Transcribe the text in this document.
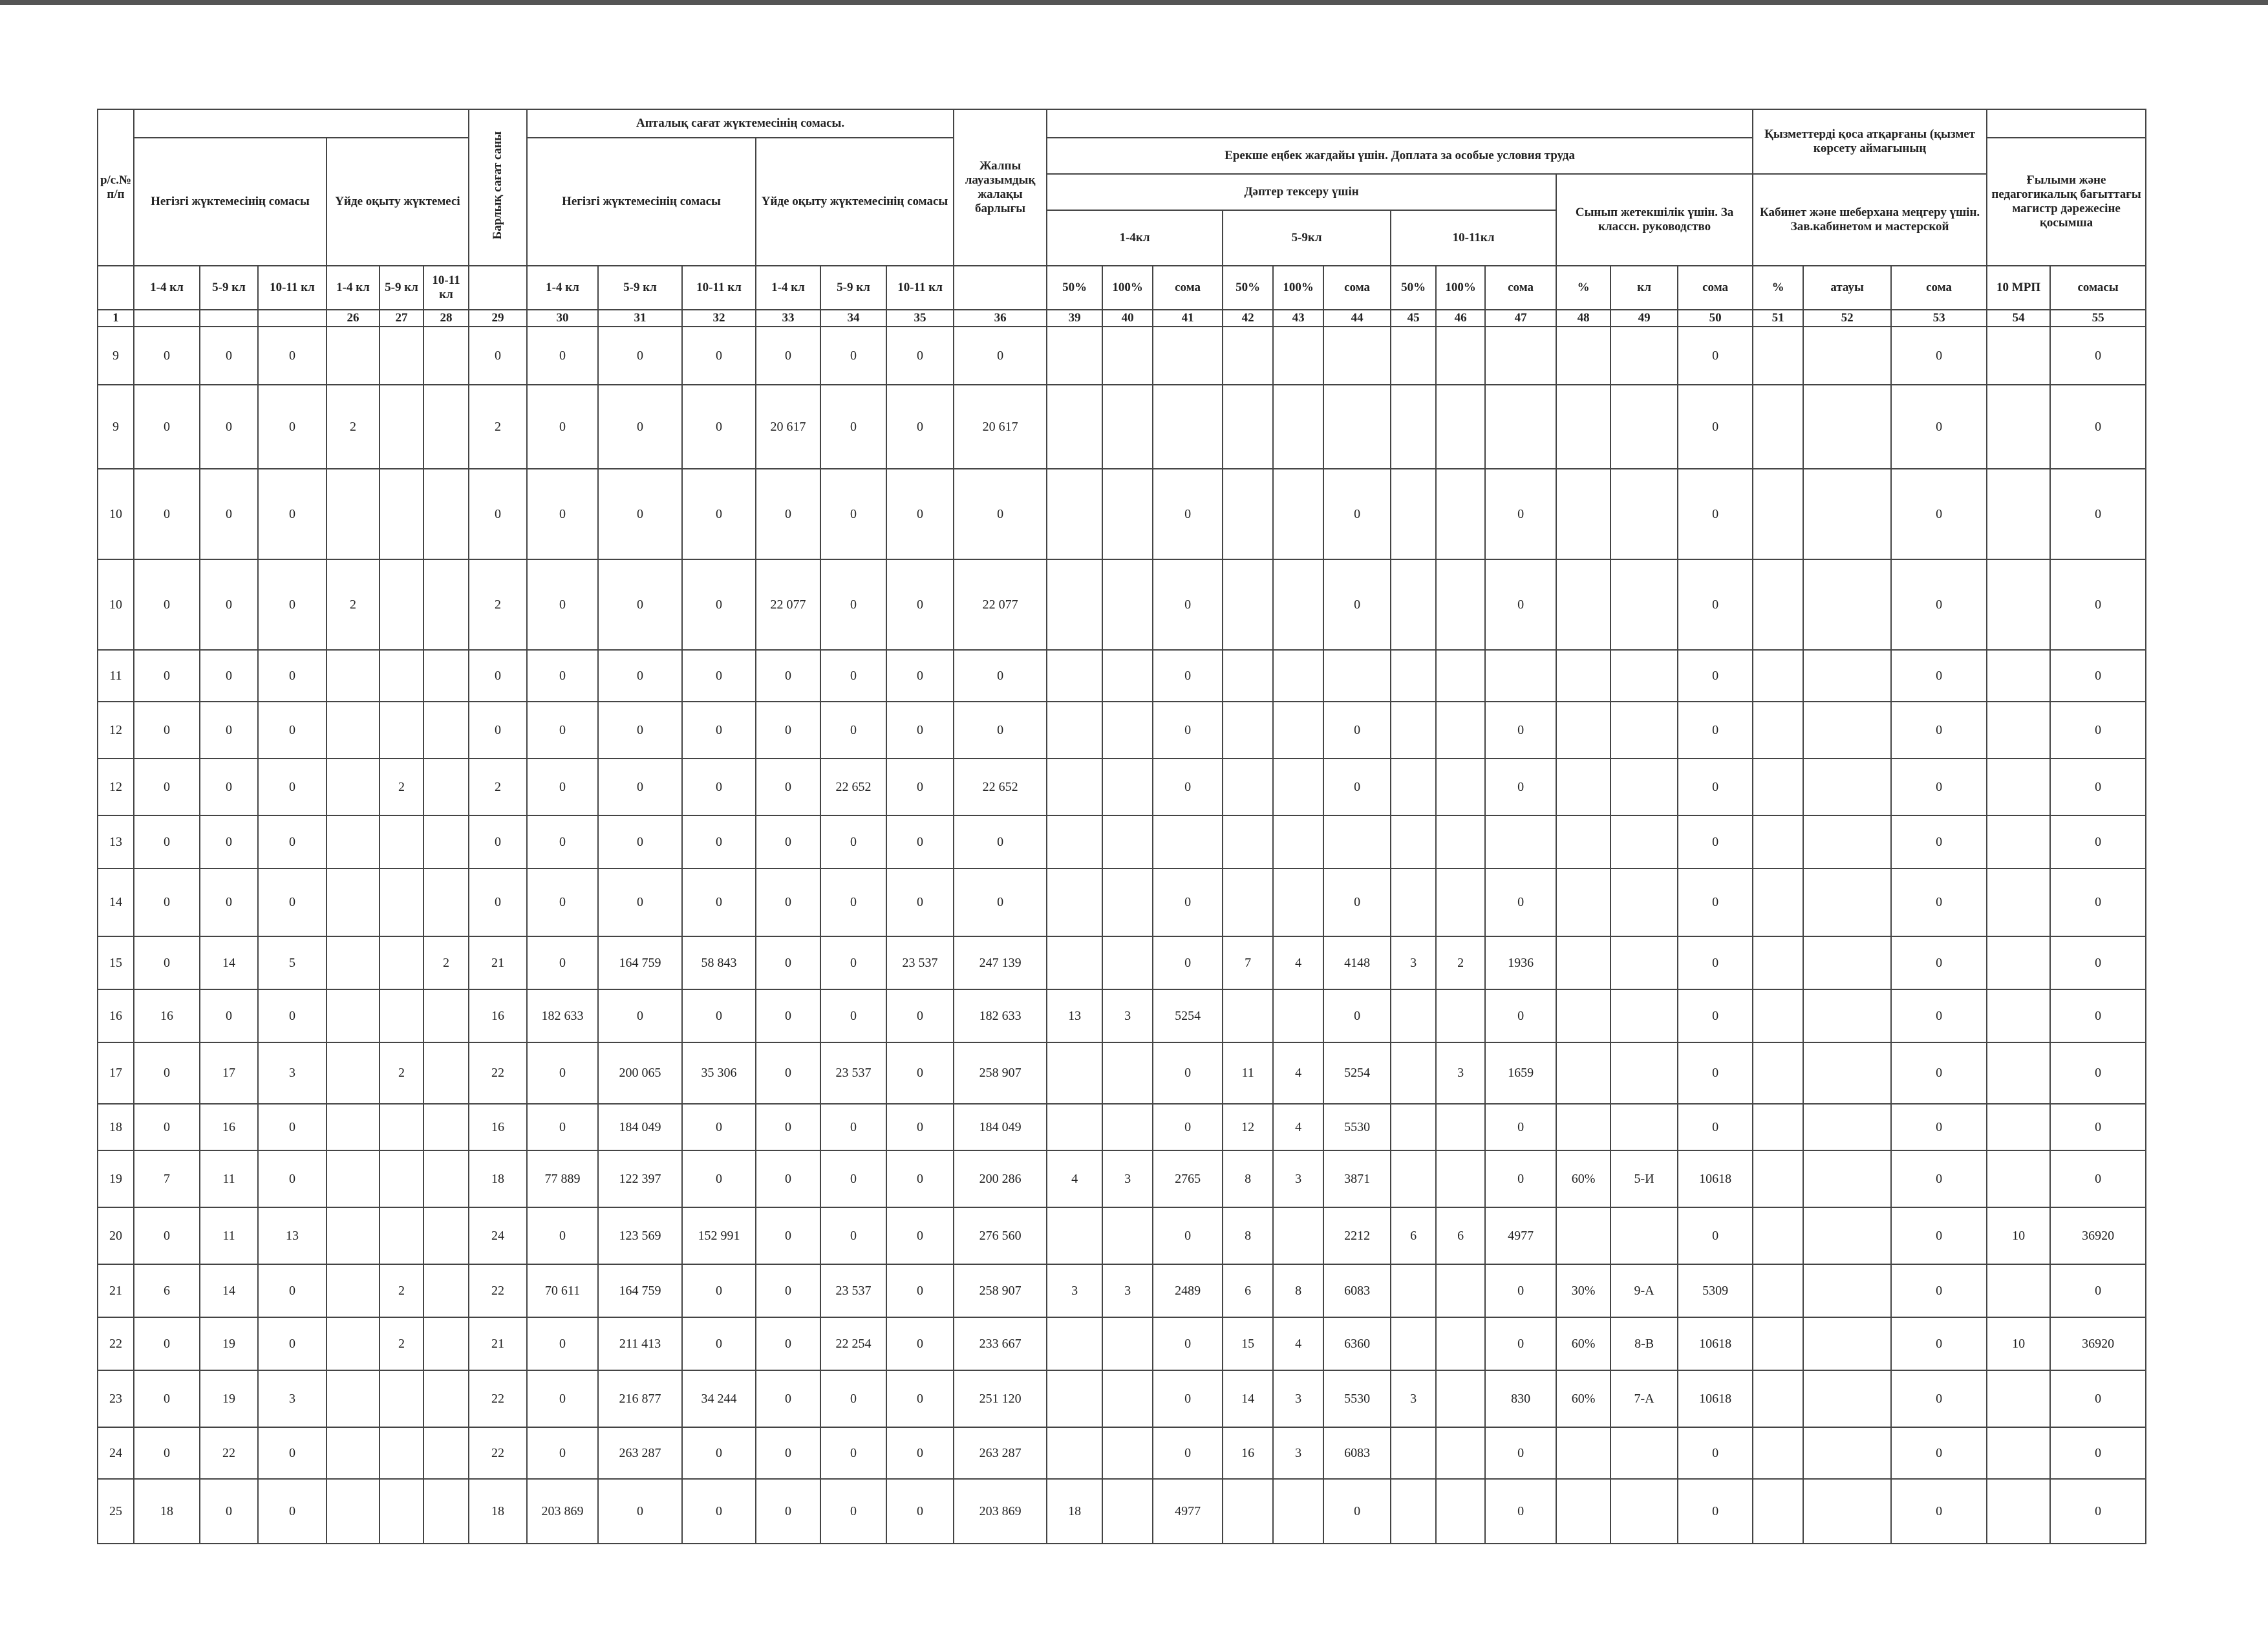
р/с.№ п/п							Барлық сағат саны	Апталық сағат жүктемесінің сомасы.						Жалпы лауазымдық жалақы барлығы													Қызметтерді қоса атқарғаны (қызмет көрсету аймағының				
	Негізгі жүктемесінің сомасы			Үйде оқыту жүктемесі				Негізгі жүктемесінің сомасы			Үйде оқыту жүктемесінің сомасы				Ерекше еңбек жағдайы үшін. Доплата за особые условия труда															Ғылыми және педагогикалық бағыттағы магистр дәрежесіне қосымша	
															Дәптер тексеру үшін									Сынып жетекшілік үшін. За классн. руководство			Кабинет және шеберхана меңгеру үшін. Зав.кабинетом и мастерской				
															1-4кл			5-9кл			10-11кл										

	1-4 кл	5-9 кл	10-11 кл	1-4 кл	5-9 кл	10-11 кл		1-4 кл	5-9 кл	10-11 кл	1-4 кл	5-9 кл	10-11 кл		50%	100%	сома	50%	100%	сома	50%	100%	сома	%	кл	сома	%	атауы	сома	10 МРП	сомасы
1				26	27	28	29	30	31	32	33	34	35	36	39	40	41	42	43	44	45	46	47	48	49	50	51	52	53	54	55
9	0	0	0				0	0	0	0	0	0	0	0												0			0		0
9	0	0	0	2			2	0	0	0	20 617	0	0	20 617												0			0		0
10	0	0	0				0	0	0	0	0	0	0	0			0			0			0			0			0		0
10	0	0	0	2			2	0	0	0	22 077	0	0	22 077			0			0			0			0			0		0
11	0	0	0				0	0	0	0	0	0	0	0			0									0			0		0
12	0	0	0				0	0	0	0	0	0	0	0			0			0			0			0			0		0
12	0	0	0		2		2	0	0	0	0	22 652	0	22 652			0			0			0			0			0		0
13	0	0	0				0	0	0	0	0	0	0	0												0			0		0
14	0	0	0				0	0	0	0	0	0	0	0			0			0			0			0			0		0
15	0	14	5			2	21	0	164 759	58 843	0	0	23 537	247 139			0	7	4	4148	3	2	1936			0			0		0
16	16	0	0				16	182 633	0	0	0	0	0	182 633	13	3	5254			0			0			0			0		0
17	0	17	3		2		22	0	200 065	35 306	0	23 537	0	258 907			0	11	4	5254		3	1659			0			0		0
18	0	16	0				16	0	184 049	0	0	0	0	184 049			0	12	4	5530			0			0			0		0
19	7	11	0				18	77 889	122 397	0	0	0	0	200 286	4	3	2765	8	3	3871			0	60%	5-И	10618			0		0
20	0	11	13				24	0	123 569	152 991	0	0	0	276 560			0	8		2212	6	6	4977			0			0	10	36920
21	6	14	0		2		22	70 611	164 759	0	0	23 537	0	258 907	3	3	2489	6	8	6083			0	30%	9-А	5309			0		0
22	0	19	0		2		21	0	211 413	0	0	22 254	0	233 667			0	15	4	6360			0	60%	8-В	10618			0	10	36920
23	0	19	3				22	0	216 877	34 244	0	0	0	251 120			0	14	3	5530	3		830	60%	7-А	10618			0		0
24	0	22	0				22	0	263 287	0	0	0	0	263 287			0	16	3	6083			0			0			0		0
25	18	0	0				18	203 869	0	0	0	0	0	203 869	18		4977			0			0			0			0		0
